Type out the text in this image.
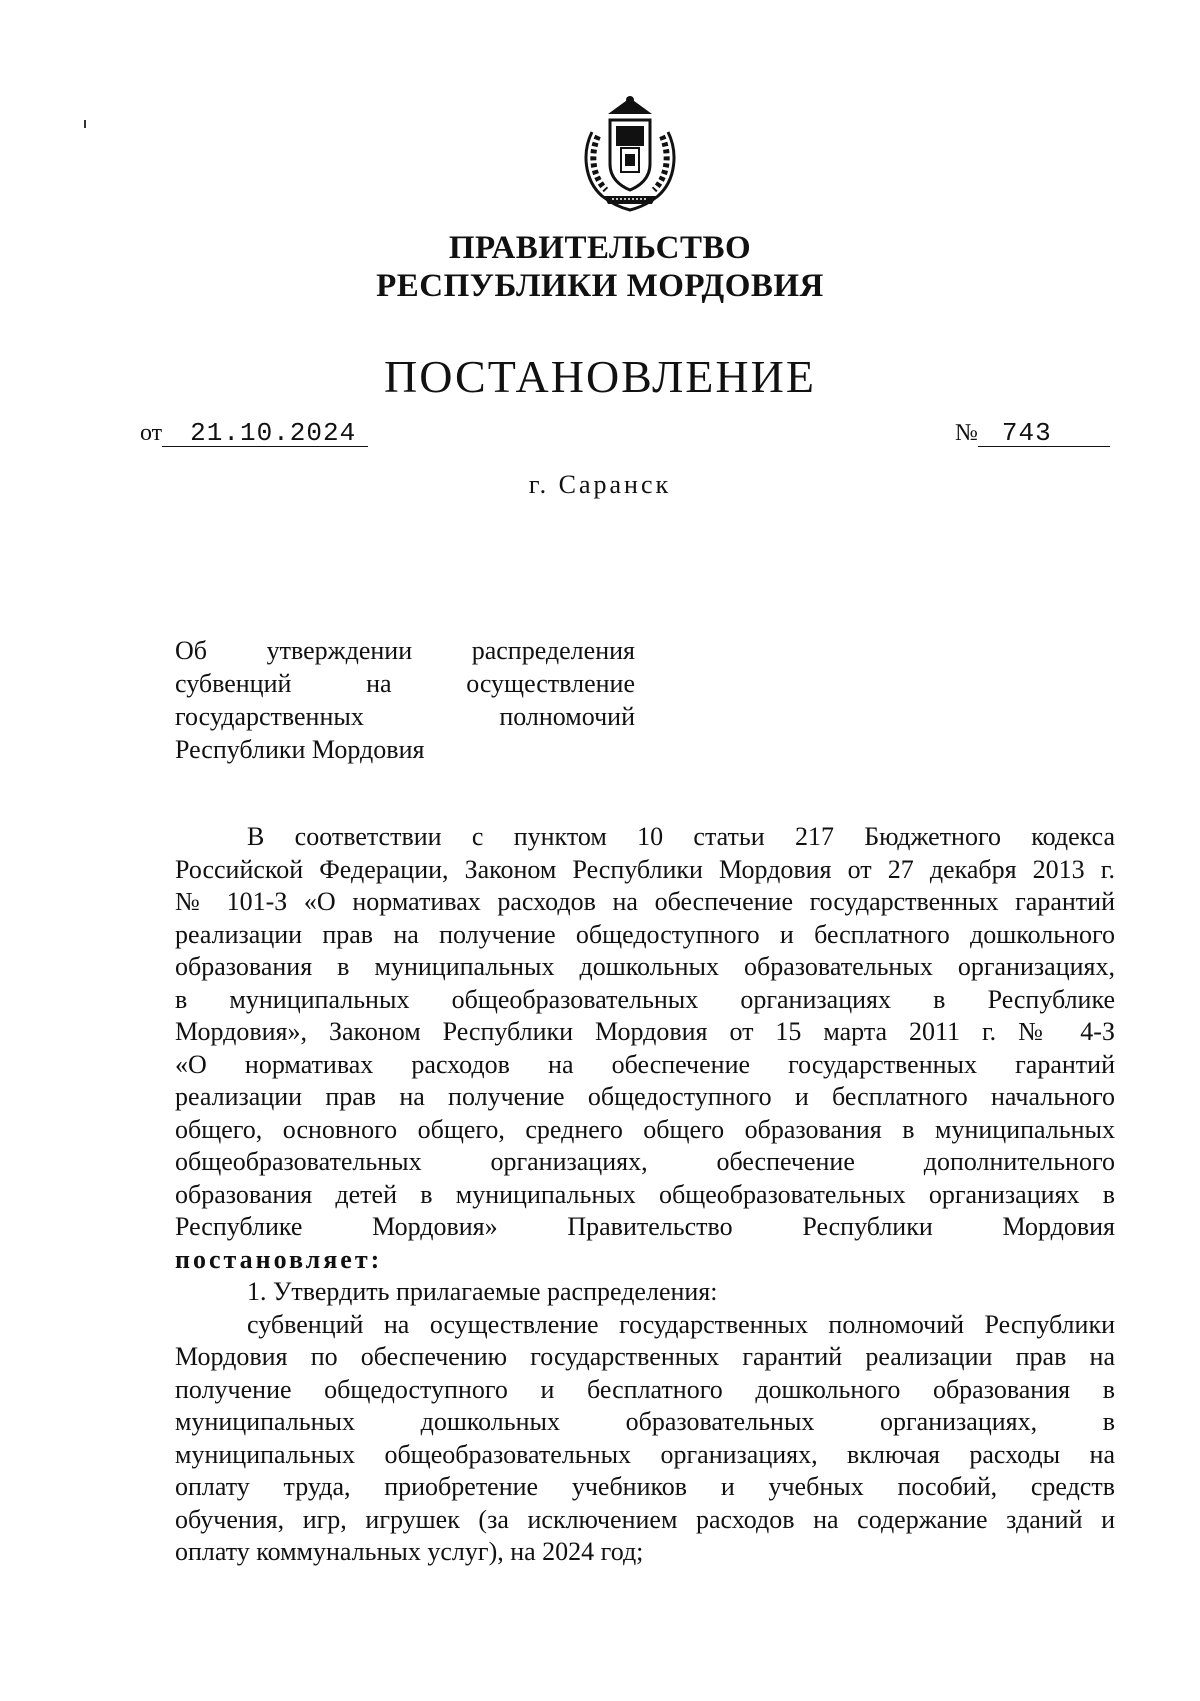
ПРАВИТЕЛЬСТВО
РЕСПУБЛИКИ МОРДОВИЯ
ПОСТАНОВЛЕНИЕ
от 21.10.2024	№ 743
г. Саранск
Об утверждении распределения
субвенций на осуществление
государственных полномочий
Республики Мордовия
В соответствии с пунктом 10 статьи 217 Бюджетного кодекса
Российской Федерации, Законом Республики Мордовия от 27 декабря 2013 г.
№ 101-З «О нормативах расходов на обеспечение государственных гарантий
реализации прав на получение общедоступного и бесплатного дошкольного
образования в муниципальных дошкольных образовательных организациях,
в муниципальных общеобразовательных организациях в Республике
Мордовия», Законом Республики Мордовия от 15 марта 2011 г. № 4-З
«О нормативах расходов на обеспечение государственных гарантий
реализации прав на получение общедоступного и бесплатного начального
общего, основного общего, среднего общего образования в муниципальных
общеобразовательных организациях, обеспечение дополнительного
образования детей в муниципальных общеобразовательных организациях в
Республике Мордовия» Правительство Республики Мордовия
постановляет:
1. Утвердить прилагаемые распределения:
субвенций на осуществление государственных полномочий Республики
Мордовия по обеспечению государственных гарантий реализации прав на
получение общедоступного и бесплатного дошкольного образования в
муниципальных дошкольных образовательных организациях, в
муниципальных общеобразовательных организациях, включая расходы на
оплату труда, приобретение учебников и учебных пособий, средств
обучения, игр, игрушек (за исключением расходов на содержание зданий и
оплату коммунальных услуг), на 2024 год;
